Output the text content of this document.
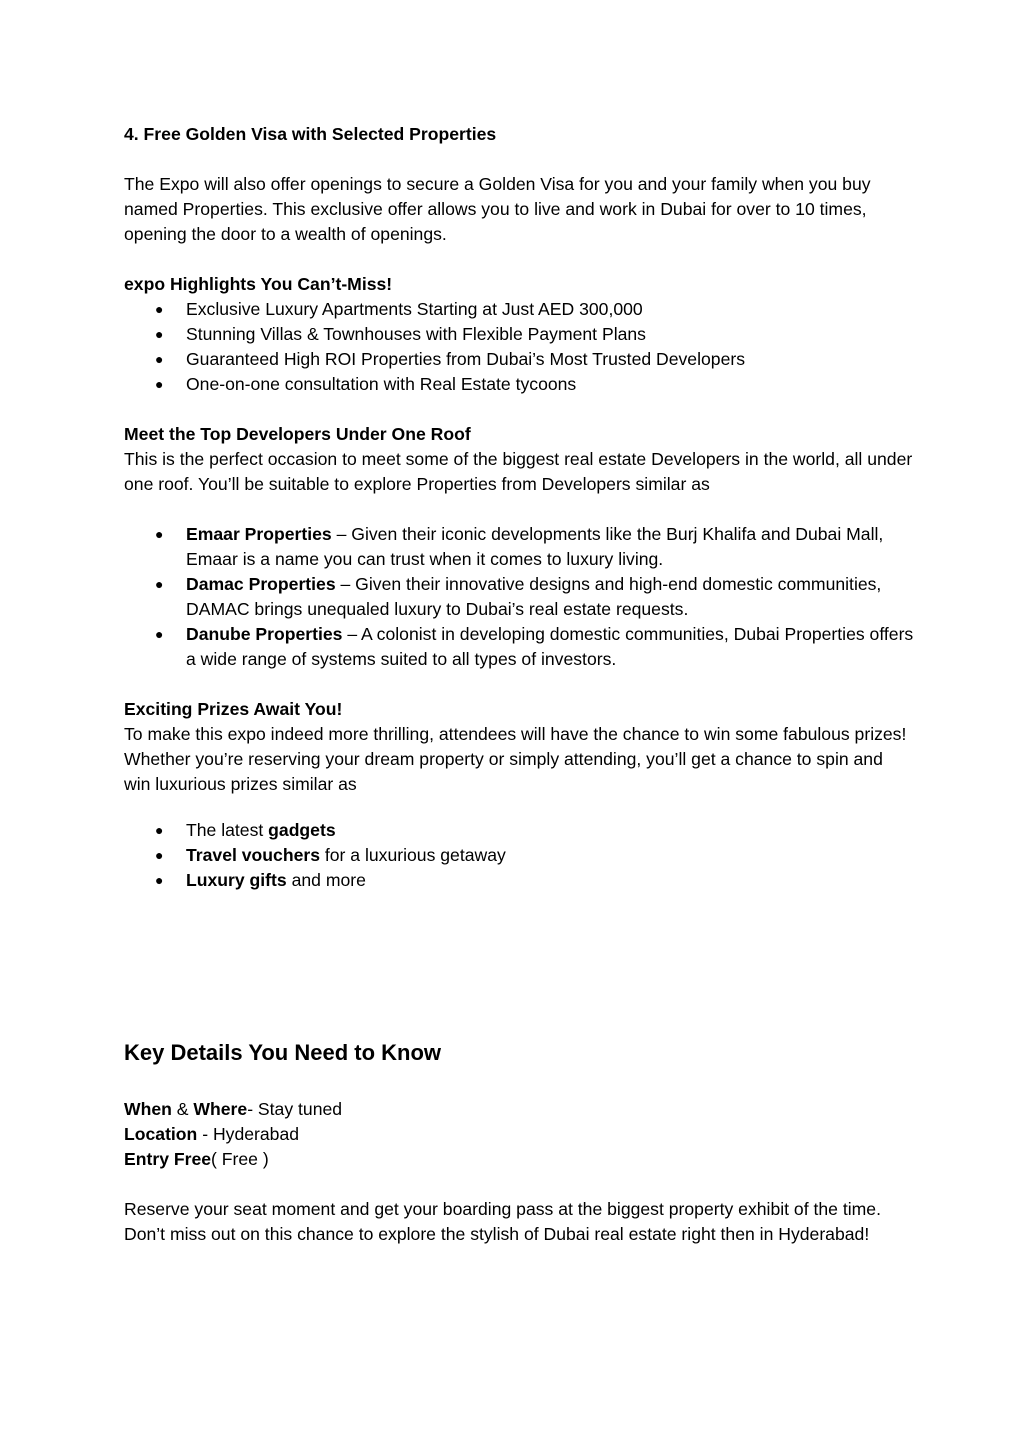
4. Free Golden Visa with Selected Properties

The Expo will also offer openings to secure a Golden Visa for you and your family when you buy named Properties. This exclusive offer allows you to live and work in Dubai for over to 10 times, opening the door to a wealth of openings.

expo Highlights You Can’t-Miss!

● Exclusive Luxury Apartments Starting at Just AED 300,000
● Stunning Villas & Townhouses with Flexible Payment Plans
● Guaranteed High ROI Properties from Dubai’s Most Trusted Developers
● One-on-one consultation with Real Estate tycoons

Meet the Top Developers Under One Roof

This is the perfect occasion to meet some of the biggest real estate Developers in the world, all under one roof. You’ll be suitable to explore Properties from Developers similar as

● Emaar Properties – Given their iconic developments like the Burj Khalifa and Dubai Mall, Emaar is a name you can trust when it comes to luxury living.
● Damac Properties – Given their innovative designs and high-end domestic communities, DAMAC brings unequaled luxury to Dubai’s real estate requests.
● Danube Properties – A colonist in developing domestic communities, Dubai Properties offers a wide range of systems suited to all types of investors.

Exciting Prizes Await You!

To make this expo indeed more thrilling, attendees will have the chance to win some fabulous prizes! Whether you’re reserving your dream property or simply attending, you’ll get a chance to spin and win luxurious prizes similar as

● The latest gadgets
● Travel vouchers for a luxurious getaway
● Luxury gifts and more

Key Details You Need to Know

When & Where- Stay tuned

Location - Hyderabad

Entry Free( Free )

Reserve your seat moment and get your boarding pass at the biggest property exhibit of the time. Don’t miss out on this chance to explore the stylish of Dubai real estate right then in Hyderabad!
